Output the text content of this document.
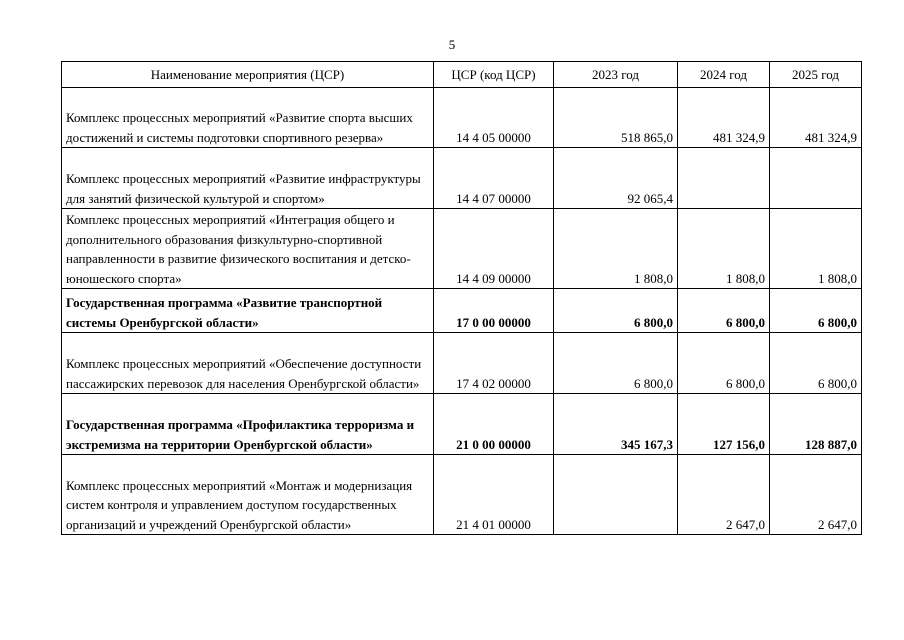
5
Наименование мероприятия (ЦСР)	ЦСР (код ЦСР)	2023 год	2024 год	2025 год
Комплекс процессных мероприятий «Развитие спорта высших достижений и системы подготовки спортивного резерва»	14 4 05 00000	518 865,0	481 324,9	481 324,9
Комплекс процессных мероприятий «Развитие инфраструктуры для занятий физической культурой и спортом»	14 4 07 00000	92 065,4		
Комплекс процессных мероприятий «Интеграция общего и дополнительного образования физкультурно-спортивной направленности в развитие физического воспитания и детско-юношеского спорта»	14 4 09 00000	1 808,0	1 808,0	1 808,0
Государственная программа «Развитие транспортной системы Оренбургской области»	17 0 00 00000	6 800,0	6 800,0	6 800,0
Комплекс процессных мероприятий «Обеспечение доступности пассажирских перевозок для населения Оренбургской области»	17 4 02 00000	6 800,0	6 800,0	6 800,0
Государственная программа «Профилактика терроризма и экстремизма на территории Оренбургской области»	21 0 00 00000	345 167,3	127 156,0	128 887,0
Комплекс процессных мероприятий «Монтаж и модернизация систем контроля и управлением доступом государственных организаций и учреждений Оренбургской области»	21 4 01 00000		2 647,0	2 647,0
